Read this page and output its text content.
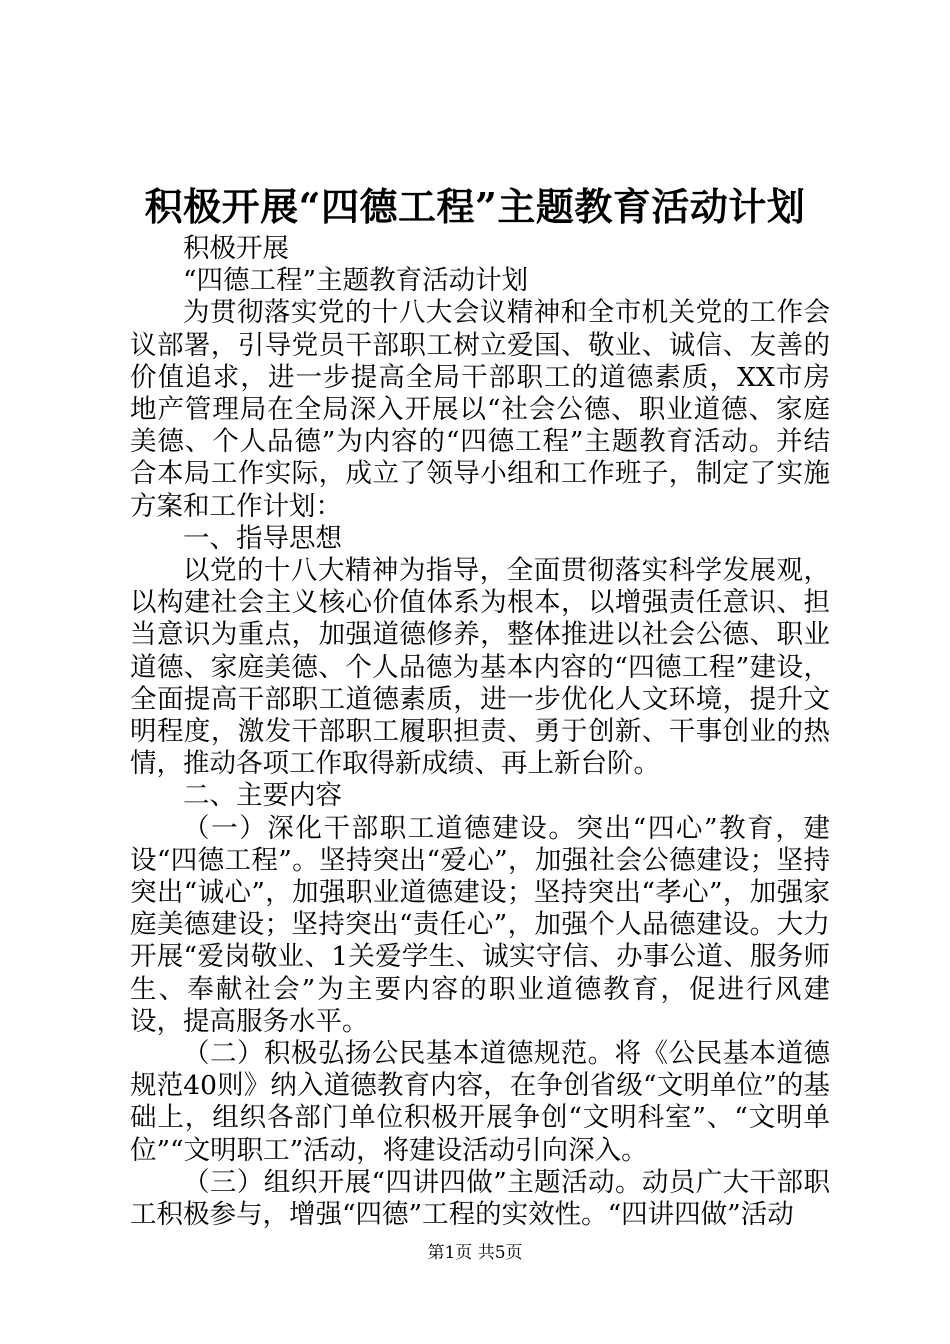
积极开展“四德工程”主题教育活动计划

积极开展

“四德工程”主题教育活动计划

为贯彻落实党的十八大会议精神和全市机关党的工作会议部署，引导党员干部职工树立爱国、敬业、诚信、友善的价值追求，进一步提高全局干部职工的道德素质，XX市房地产管理局在全局深入开展以“社会公德、职业道德、家庭美德、个人品德”为内容的“四德工程”主题教育活动。并结合本局工作实际，成立了领导小组和工作班子，制定了实施方案和工作计划：

一、指导思想

以党的十八大精神为指导，全面贯彻落实科学发展观，以构建社会主义核心价值体系为根本，以增强责任意识、担当意识为重点，加强道德修养，整体推进以社会公德、职业道德、家庭美德、个人品德为基本内容的“四德工程”建设，全面提高干部职工道德素质，进一步优化人文环境，提升文明程度，激发干部职工履职担责、勇于创新、干事创业的热情，推动各项工作取得新成绩、再上新台阶。

二、主要内容

（一）深化干部职工道德建设。突出“四心”教育，建设“四德工程”。坚持突出“爱心”，加强社会公德建设；坚持突出“诚心”，加强职业道德建设；坚持突出“孝心”，加强家庭美德建设；坚持突出“责任心”，加强个人品德建设。大力开展“爱岗敬业、1关爱学生、诚实守信、办事公道、服务师生、奉献社会”为主要内容的职业道德教育，促进行风建设，提高服务水平。

（二）积极弘扬公民基本道德规范。将《公民基本道德规范40则》纳入道德教育内容，在争创省级“文明单位”的基础上，组织各部门单位积极开展争创“文明科室”、“文明单位”“文明职工”活动，将建设活动引向深入。

（三）组织开展“四讲四做”主题活动。动员广大干部职工积极参与，增强“四德”工程的实效性。“四讲四做”活动

第1页 共5页
